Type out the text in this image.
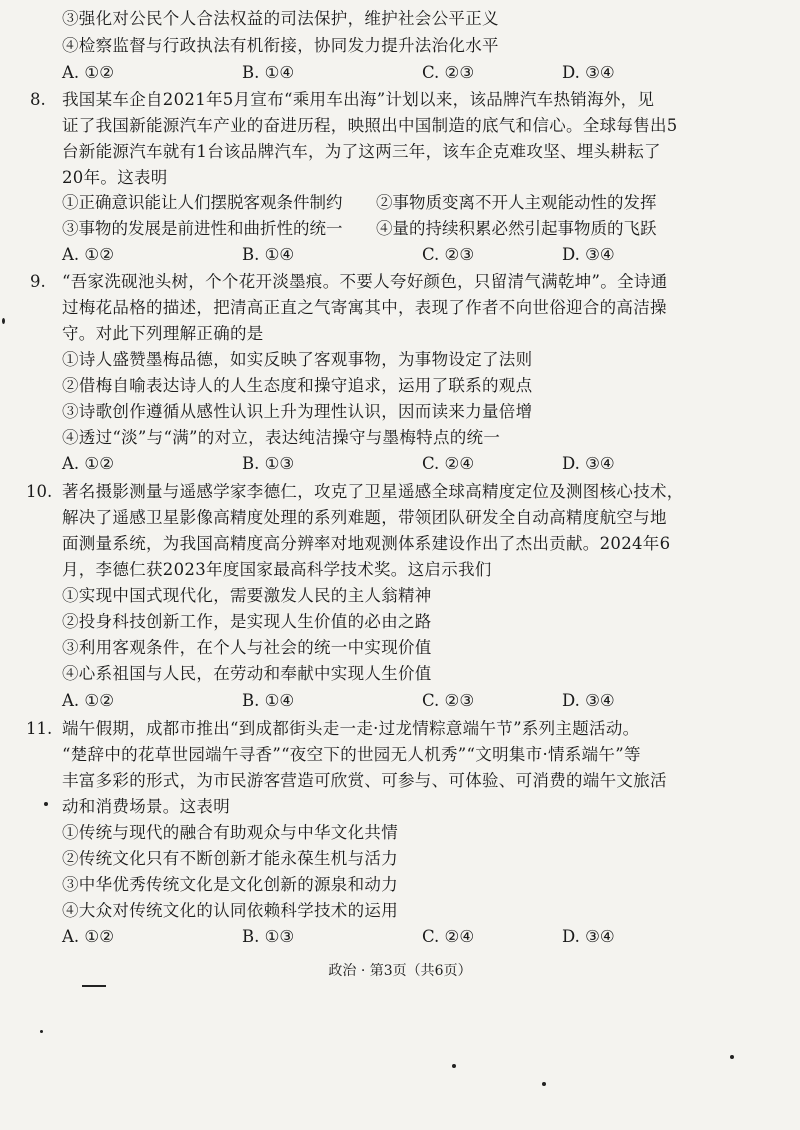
③强化对公民个人合法权益的司法保护，维护社会公平正义
④检察监督与行政执法有机衔接，协同发力提升法治化水平
A. ①②	B. ①④	C. ②③	D. ③④
8. 我国某车企自2021年5月宣布“乘用车出海”计划以来，该品牌汽车热销海外，见
证了我国新能源汽车产业的奋进历程，映照出中国制造的底气和信心。全球每售出5
台新能源汽车就有1台该品牌汽车，为了这两三年，该车企克难攻坚、埋头耕耘了
20年。这表明
①正确意识能让人们摆脱客观条件制约 ②事物质变离不开人主观能动性的发挥
③事物的发展是前进性和曲折性的统一 ④量的持续积累必然引起事物质的飞跃
A. ①②	B. ①④	C. ②③	D. ③④
9. “吾家洗砚池头树，个个花开淡墨痕。不要人夸好颜色，只留清气满乾坤”。全诗通
过梅花品格的描述，把清高正直之气寄寓其中，表现了作者不向世俗迎合的高洁操
守。对此下列理解正确的是
①诗人盛赞墨梅品德，如实反映了客观事物，为事物设定了法则
②借梅自喻表达诗人的人生态度和操守追求，运用了联系的观点
③诗歌创作遵循从感性认识上升为理性认识，因而读来力量倍增
④透过“淡”与“满”的对立，表达纯洁操守与墨梅特点的统一
A. ①②	B. ①③	C. ②④	D. ③④
10. 著名摄影测量与遥感学家李德仁，攻克了卫星遥感全球高精度定位及测图核心技术，
解决了遥感卫星影像高精度处理的系列难题，带领团队研发全自动高精度航空与地
面测量系统，为我国高精度高分辨率对地观测体系建设作出了杰出贡献。2024年6
月，李德仁获2023年度国家最高科学技术奖。这启示我们
①实现中国式现代化，需要激发人民的主人翁精神
②投身科技创新工作，是实现人生价值的必由之路
③利用客观条件，在个人与社会的统一中实现价值
④心系祖国与人民，在劳动和奉献中实现人生价值
A. ①②	B. ①④	C. ②③	D. ③④
11. 端午假期，成都市推出“到成都街头走一走·过龙情粽意端午节”系列主题活动。
“楚辞中的花草世园端午寻香”“夜空下的世园无人机秀”“文明集市·情系端午”等
丰富多彩的形式，为市民游客营造可欣赏、可参与、可体验、可消费的端午文旅活
动和消费场景。这表明
①传统与现代的融合有助观众与中华文化共情
②传统文化只有不断创新才能永葆生机与活力
③中华优秀传统文化是文化创新的源泉和动力
④大众对传统文化的认同依赖科学技术的运用
A. ①②	B. ①③	C. ②④	D. ③④
政治 · 第3页（共6页）
